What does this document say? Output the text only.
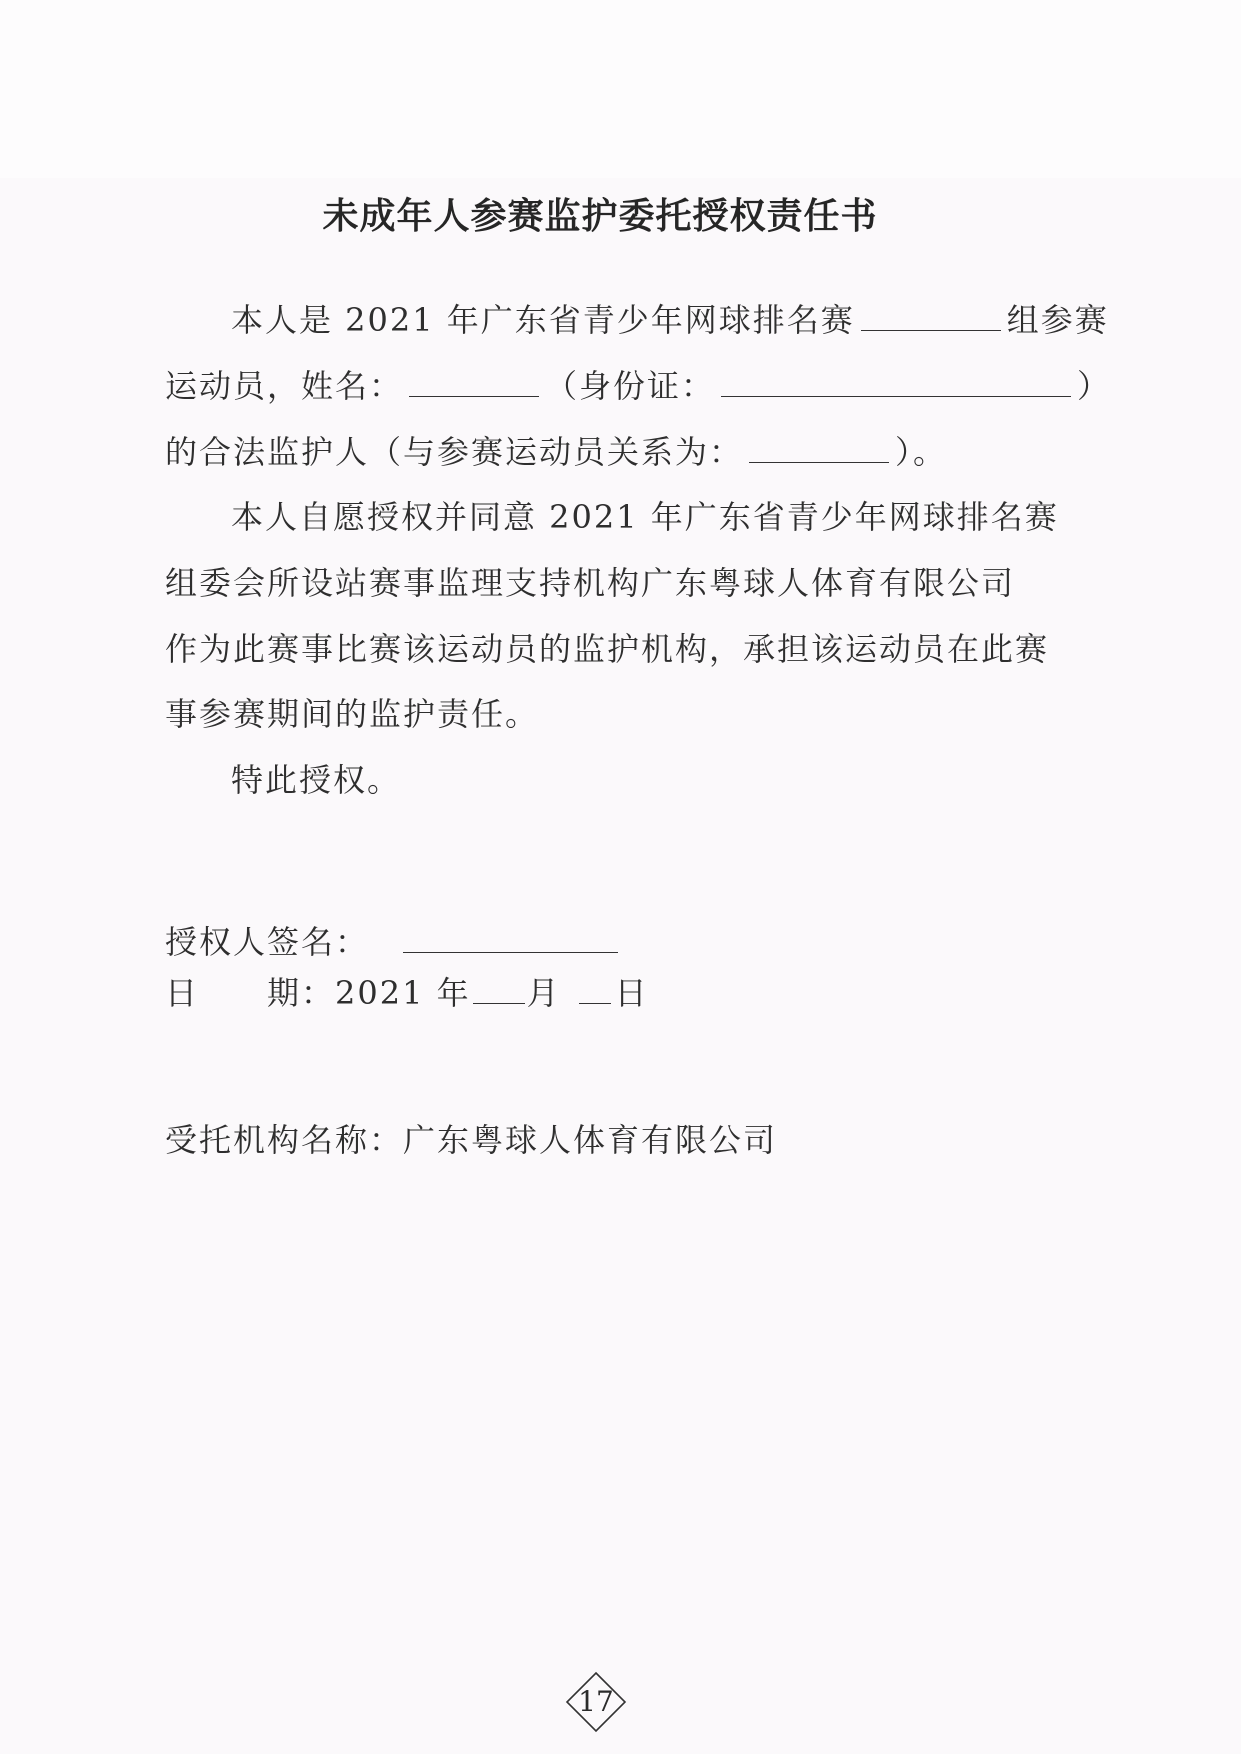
未成年人参赛监护委托授权责任书
本人是 2021 年广东省青少年网球排名赛	组参赛
运动员，姓名：	（身份证：	）
的合法监护人（与参赛运动员关系为：	）。
本人自愿授权并同意 2021 年广东省青少年网球排名赛
组委会所设站赛事监理支持机构广东粤球人体育有限公司
作为此赛事比赛该运动员的监护机构，承担该运动员在此赛
事参赛期间的监护责任。
特此授权。
授权人签名：
日　　期：2021 年 月 日
受托机构名称：广东粤球人体育有限公司
17
